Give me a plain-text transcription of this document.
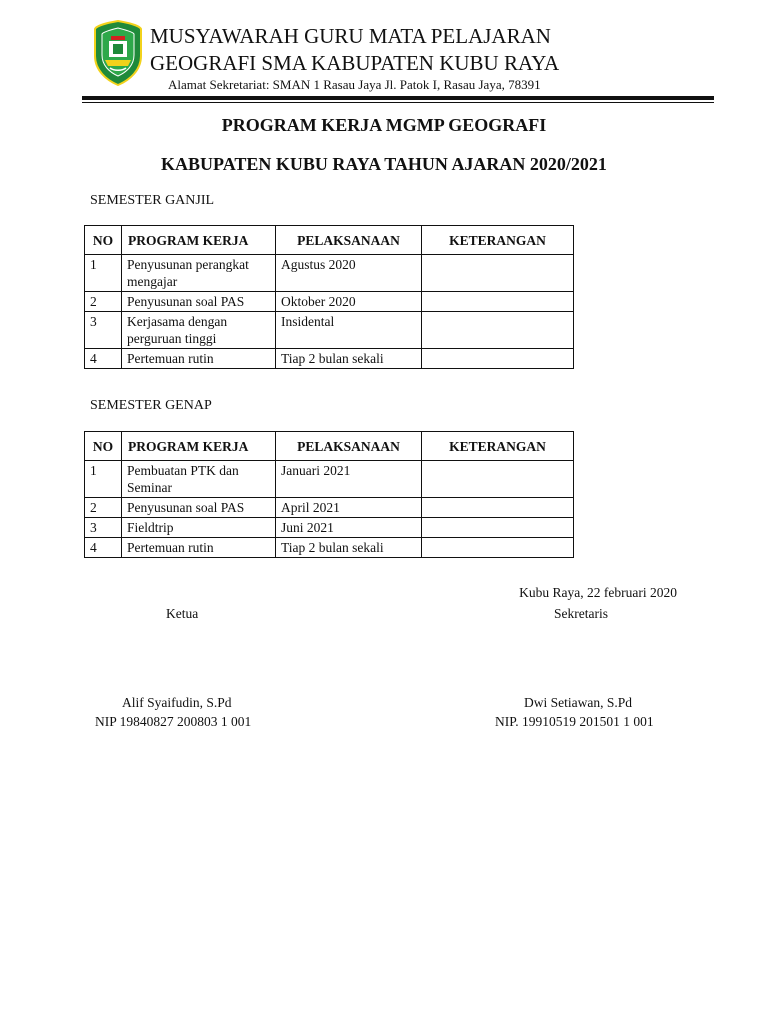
MUSYAWARAH GURU MATA PELAJARAN
GEOGRAFI SMA KABUPATEN KUBU RAYA
Alamat Sekretariat: SMAN 1 Rasau Jaya Jl. Patok I, Rasau Jaya, 78391
PROGRAM KERJA MGMP GEOGRAFI
KABUPATEN KUBU RAYA TAHUN AJARAN 2020/2021
SEMESTER GANJIL
NO	PROGRAM KERJA	PELAKSANAAN	KETERANGAN
1	Penyusunan perangkat mengajar	Agustus 2020	
2	Penyusunan soal PAS	Oktober 2020	
3	Kerjasama dengan perguruan tinggi	Insidental	
4	Pertemuan rutin	Tiap 2 bulan sekali	
SEMESTER GENAP
NO	PROGRAM KERJA	PELAKSANAAN	KETERANGAN
1	Pembuatan PTK dan Seminar	Januari 2021	
2	Penyusunan soal PAS	April 2021	
3	Fieldtrip	Juni 2021	
4	Pertemuan rutin	Tiap 2 bulan sekali	
Kubu Raya, 22 februari 2020
Ketua	Sekretaris
Alif Syaifudin, S.Pd
NIP 19840827 200803 1 001
Dwi Setiawan, S.Pd
NIP. 19910519 201501 1 001
